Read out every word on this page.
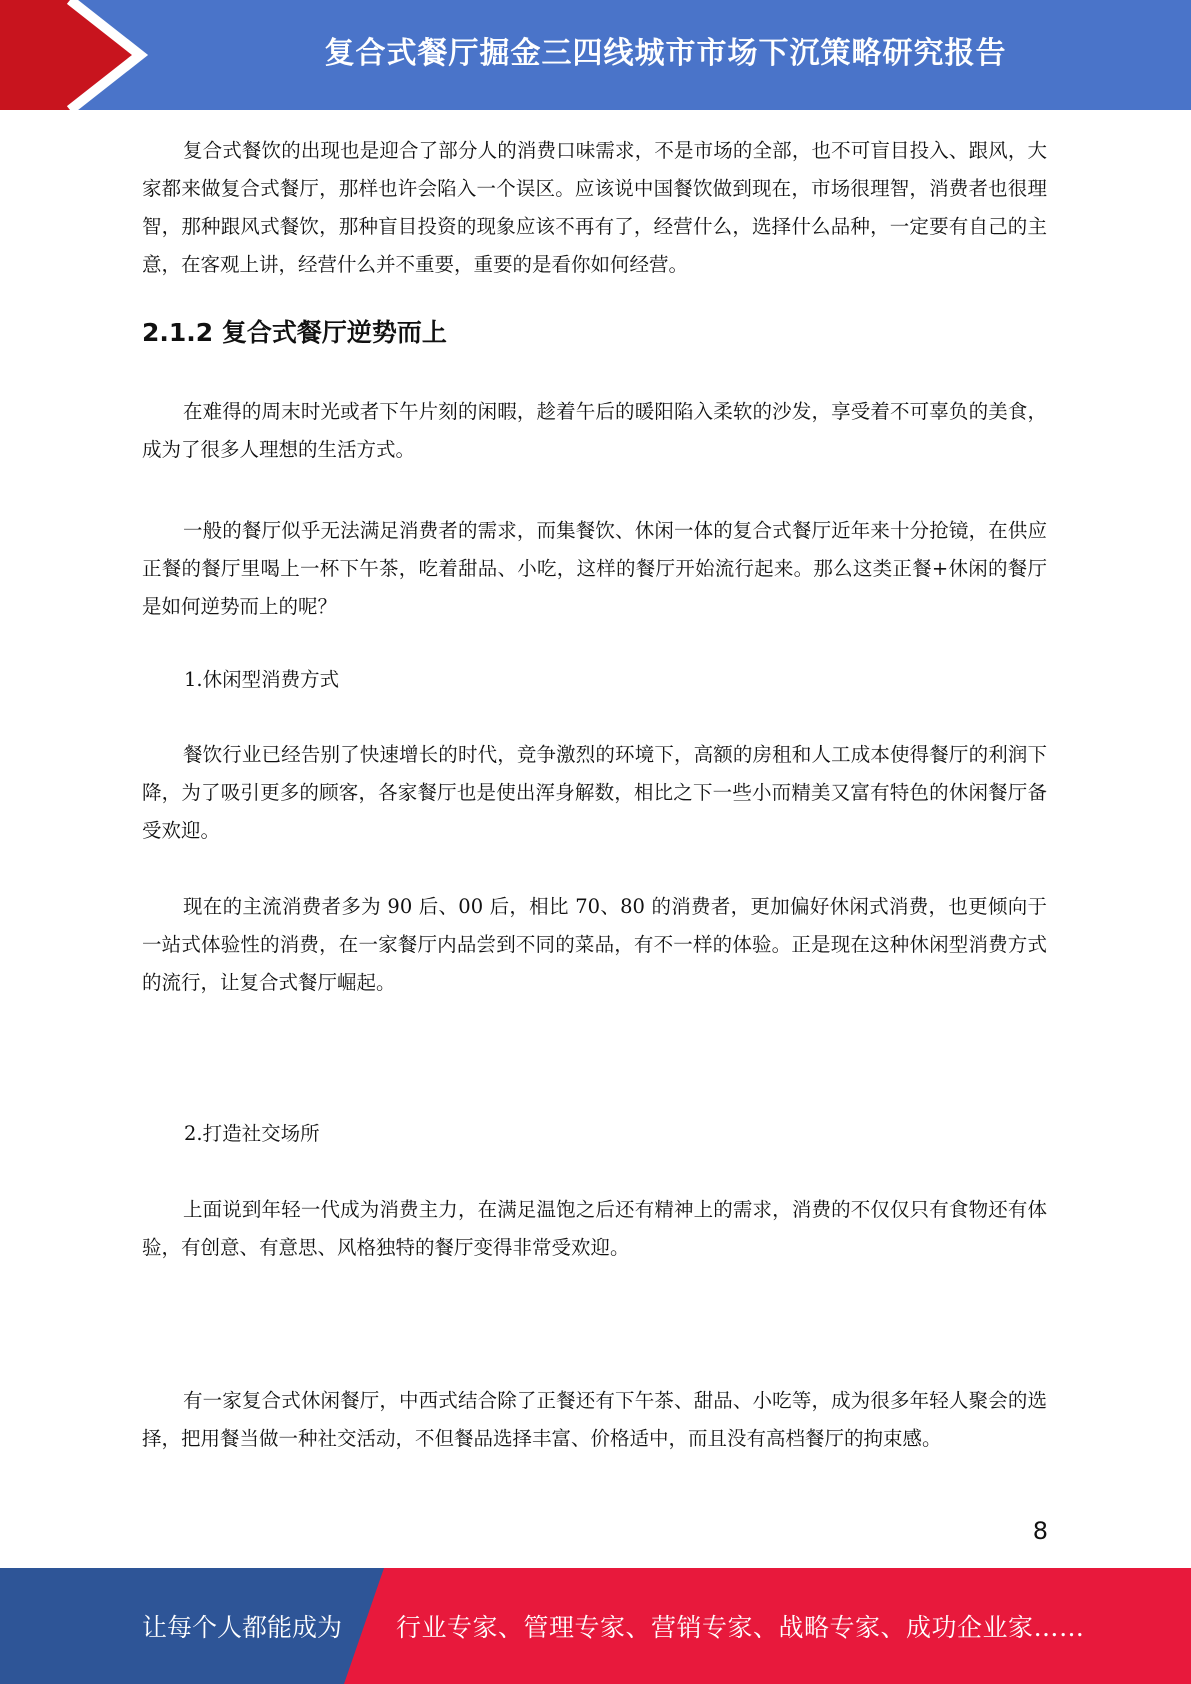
复合式餐厅掘金三四线城市市场下沉策略研究报告

复合式餐饮的出现也是迎合了部分人的消费口味需求，不是市场的全部，也不可盲目投入、跟风，大家都来做复合式餐厅，那样也许会陷入一个误区。应该说中国餐饮做到现在，市场很理智，消费者也很理智，那种跟风式餐饮，那种盲目投资的现象应该不再有了，经营什么，选择什么品种，一定要有自己的主意，在客观上讲，经营什么并不重要，重要的是看你如何经营。

2.1.2 复合式餐厅逆势而上

在难得的周末时光或者下午片刻的闲暇，趁着午后的暖阳陷入柔软的沙发，享受着不可辜负的美食，成为了很多人理想的生活方式。

一般的餐厅似乎无法满足消费者的需求，而集餐饮、休闲一体的复合式餐厅近年来十分抢镜，在供应正餐的餐厅里喝上一杯下午茶，吃着甜品、小吃，这样的餐厅开始流行起来。那么这类正餐+休闲的餐厅是如何逆势而上的呢？

1.休闲型消费方式

餐饮行业已经告别了快速增长的时代，竞争激烈的环境下，高额的房租和人工成本使得餐厅的利润下降，为了吸引更多的顾客，各家餐厅也是使出浑身解数，相比之下一些小而精美又富有特色的休闲餐厅备受欢迎。

现在的主流消费者多为 90 后、00 后，相比 70、80 的消费者，更加偏好休闲式消费，也更倾向于一站式体验性的消费，在一家餐厅内品尝到不同的菜品，有不一样的体验。正是现在这种休闲型消费方式的流行，让复合式餐厅崛起。

2.打造社交场所

上面说到年轻一代成为消费主力，在满足温饱之后还有精神上的需求，消费的不仅仅只有食物还有体验，有创意、有意思、风格独特的餐厅变得非常受欢迎。

有一家复合式休闲餐厅，中西式结合除了正餐还有下午茶、甜品、小吃等，成为很多年轻人聚会的选择，把用餐当做一种社交活动，不但餐品选择丰富、价格适中，而且没有高档餐厅的拘束感。

8
让每个人都能成为 行业专家、管理专家、营销专家、战略专家、成功企业家……
